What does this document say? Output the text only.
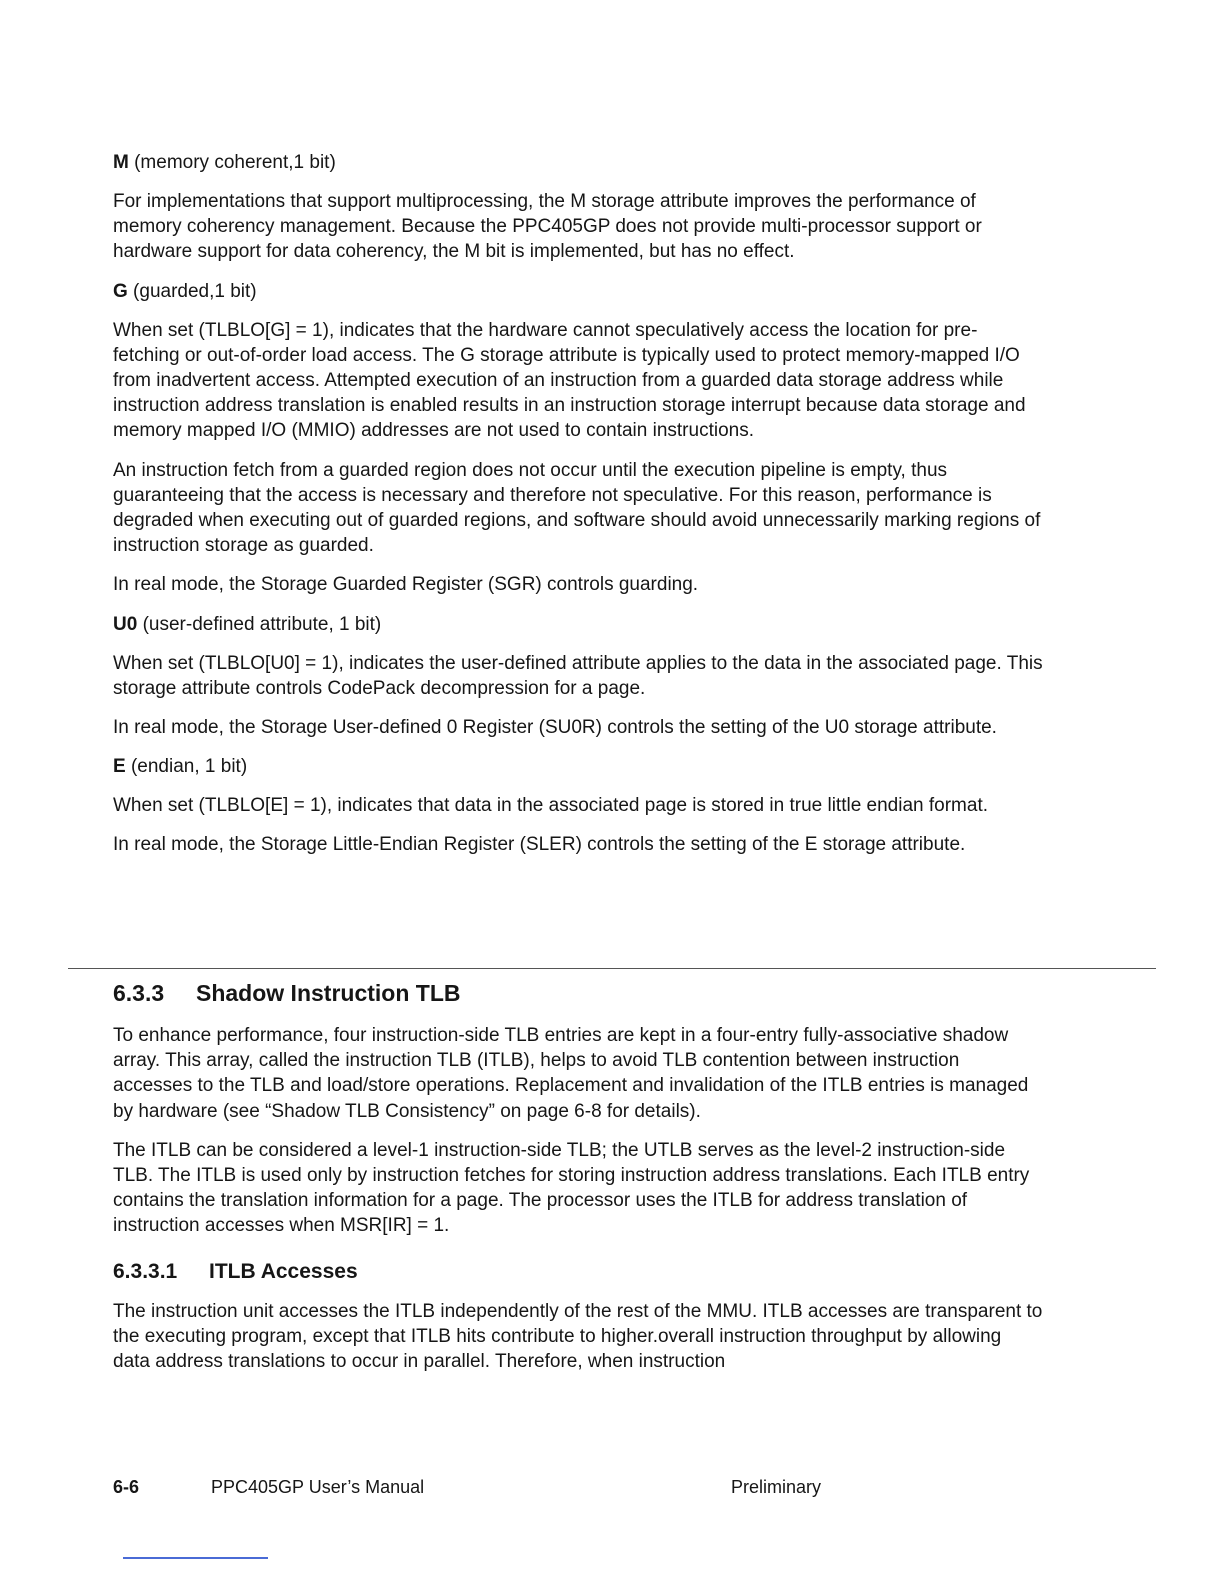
M (memory coherent,1 bit)

For implementations that support multiprocessing, the M storage attribute improves the performance of memory coherency management. Because the PPC405GP does not provide multi-processor support or hardware support for data coherency, the M bit is implemented, but has no effect.

G (guarded,1 bit)

When set (TLBLO[G] = 1), indicates that the hardware cannot speculatively access the location for pre-fetching or out-of-order load access. The G storage attribute is typically used to protect memory-mapped I/O from inadvertent access. Attempted execution of an instruction from a guarded data storage address while instruction address translation is enabled results in an instruction storage interrupt because data storage and memory mapped I/O (MMIO) addresses are not used to contain instructions.

An instruction fetch from a guarded region does not occur until the execution pipeline is empty, thus guaranteeing that the access is necessary and therefore not speculative. For this reason, performance is degraded when executing out of guarded regions, and software should avoid unnecessarily marking regions of instruction storage as guarded.

In real mode, the Storage Guarded Register (SGR) controls guarding.

U0 (user-defined attribute, 1 bit)

When set (TLBLO[U0] = 1), indicates the user-defined attribute applies to the data in the associated page. This storage attribute controls CodePack decompression for a page.

In real mode, the Storage User-defined 0 Register (SU0R) controls the setting of the U0 storage attribute.

E (endian, 1 bit)

When set (TLBLO[E] = 1), indicates that data in the associated page is stored in true little endian format.

In real mode, the Storage Little-Endian Register (SLER) controls the setting of the E storage attribute.

6.3.3 Shadow Instruction TLB

To enhance performance, four instruction-side TLB entries are kept in a four-entry fully-associative shadow array. This array, called the instruction TLB (ITLB), helps to avoid TLB contention between instruction accesses to the TLB and load/store operations. Replacement and invalidation of the ITLB entries is managed by hardware (see “Shadow TLB Consistency” on page 6-8 for details).

The ITLB can be considered a level-1 instruction-side TLB; the UTLB serves as the level-2 instruction-side TLB. The ITLB is used only by instruction fetches for storing instruction address translations. Each ITLB entry contains the translation information for a page. The processor uses the ITLB for address translation of instruction accesses when MSR[IR] = 1.

6.3.3.1 ITLB Accesses

The instruction unit accesses the ITLB independently of the rest of the MMU. ITLB accesses are transparent to the executing program, except that ITLB hits contribute to higher.overall instruction throughput by allowing data address translations to occur in parallel. Therefore, when instruction

6-6	PPC405GP User’s Manual	Preliminary
